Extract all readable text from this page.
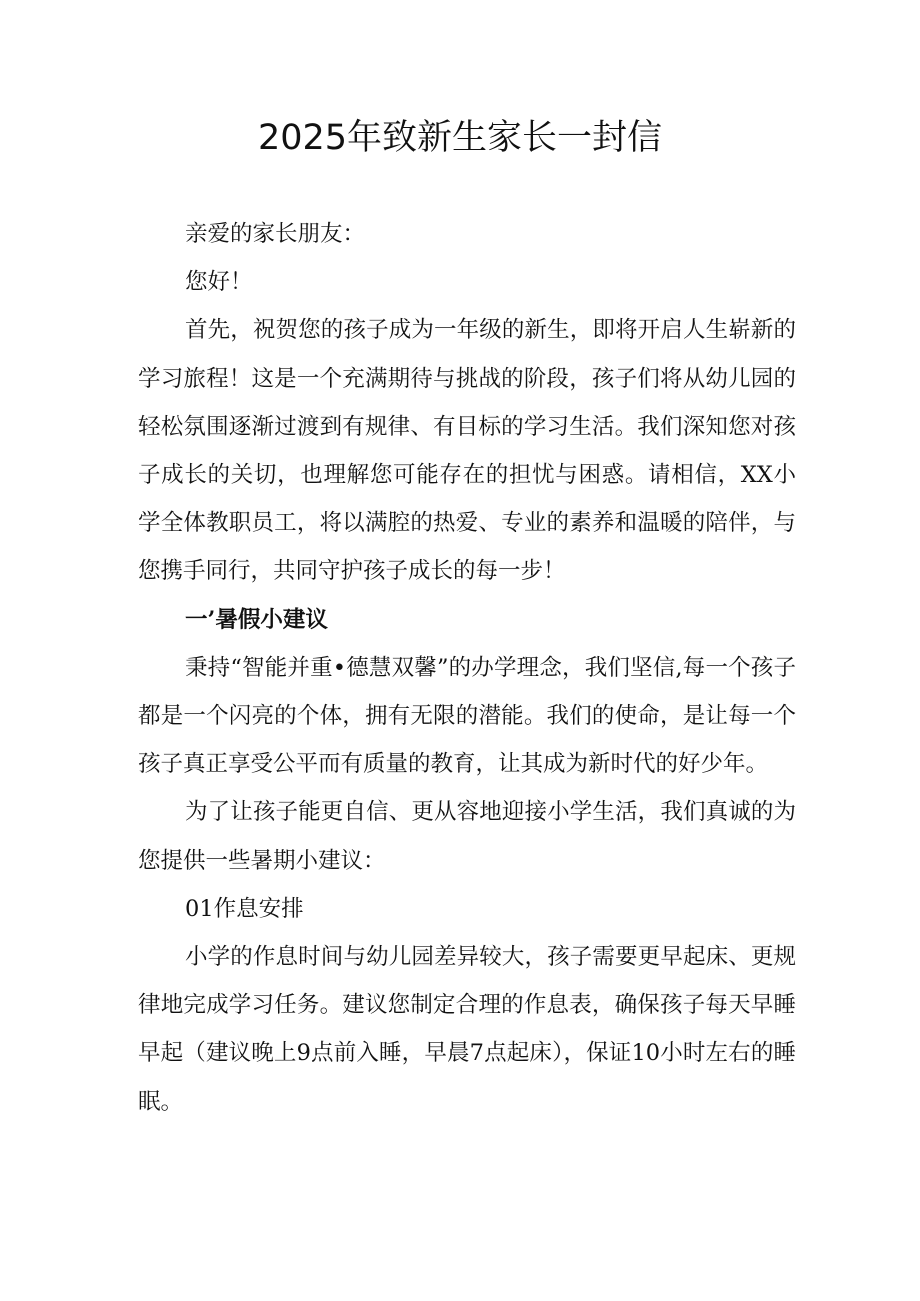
2025年致新生家长一封信

亲爱的家长朋友：

您好！

首先，祝贺您的孩子成为一年级的新生，即将开启人生崭新的学习旅程！这是一个充满期待与挑战的阶段，孩子们将从幼儿园的轻松氛围逐渐过渡到有规律、有目标的学习生活。我们深知您对孩子成长的关切，也理解您可能存在的担忧与困惑。请相信，XX小学全体教职员工，将以满腔的热爱、专业的素养和温暖的陪伴，与您携手同行，共同守护孩子成长的每一步！

一’暑假小建议

秉持“智能并重•德慧双馨”的办学理念，我们坚信,每一个孩子都是一个闪亮的个体，拥有无限的潜能。我们的使命，是让每一个孩子真正享受公平而有质量的教育，让其成为新时代的好少年。

为了让孩子能更自信、更从容地迎接小学生活，我们真诚的为您提供一些暑期小建议：

01作息安排

小学的作息时间与幼儿园差异较大，孩子需要更早起床、更规律地完成学习任务。建议您制定合理的作息表，确保孩子每天早睡早起（建议晚上9点前入睡，早晨7点起床），保证10小时左右的睡眠。
